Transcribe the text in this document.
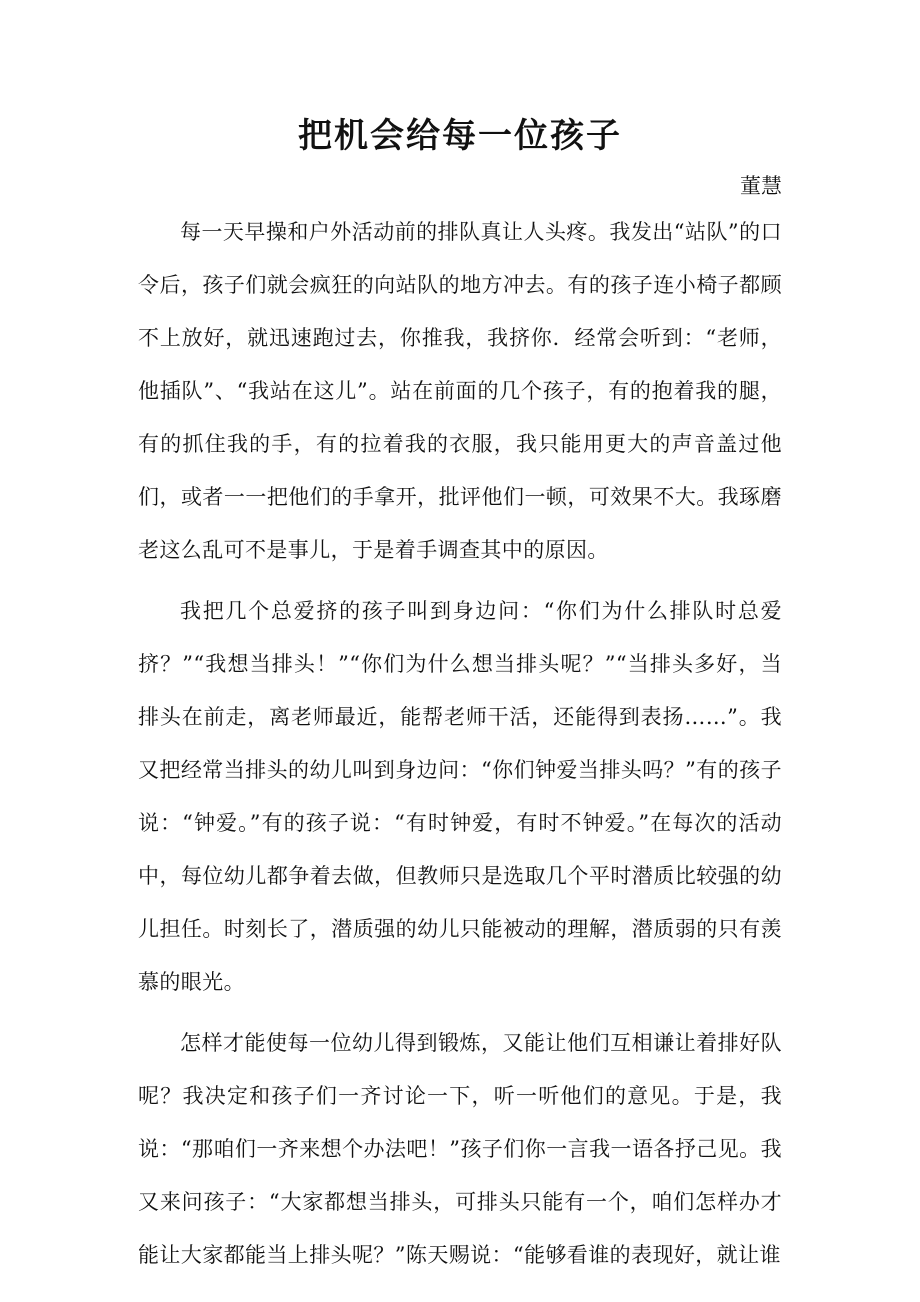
把机会给每一位孩子
董慧

每一天早操和户外活动前的排队真让人头疼。我发出“站队”的口令后，孩子们就会疯狂的向站队的地方冲去。有的孩子连小椅子都顾不上放好，就迅速跑过去，你推我，我挤你．经常会听到：“老师，他插队”、“我站在这儿”。站在前面的几个孩子，有的抱着我的腿，有的抓住我的手，有的拉着我的衣服，我只能用更大的声音盖过他们，或者一一把他们的手拿开，批评他们一顿，可效果不大。我琢磨老这么乱可不是事儿，于是着手调查其中的原因。

我把几个总爱挤的孩子叫到身边问：“你们为什么排队时总爱挤？”“我想当排头！”“你们为什么想当排头呢？”“当排头多好，当排头在前走，离老师最近，能帮老师干活，还能得到表扬……”。我又把经常当排头的幼儿叫到身边问：“你们钟爱当排头吗？”有的孩子说：“钟爱。”有的孩子说：“有时钟爱，有时不钟爱。”在每次的活动中，每位幼儿都争着去做，但教师只是选取几个平时潜质比较强的幼儿担任。时刻长了，潜质强的幼儿只能被动的理解，潜质弱的只有羡慕的眼光。

怎样才能使每一位幼儿得到锻炼，又能让他们互相谦让着排好队呢？我决定和孩子们一齐讨论一下，听一听他们的意见。于是，我说：“那咱们一齐来想个办法吧！”孩子们你一言我一语各抒己见。我又来问孩子：“大家都想当排头，可排头只能有一个，咱们怎样办才能让大家都能当上排头呢？”陈天赐说：“能够看谁的表现好，就让谁
